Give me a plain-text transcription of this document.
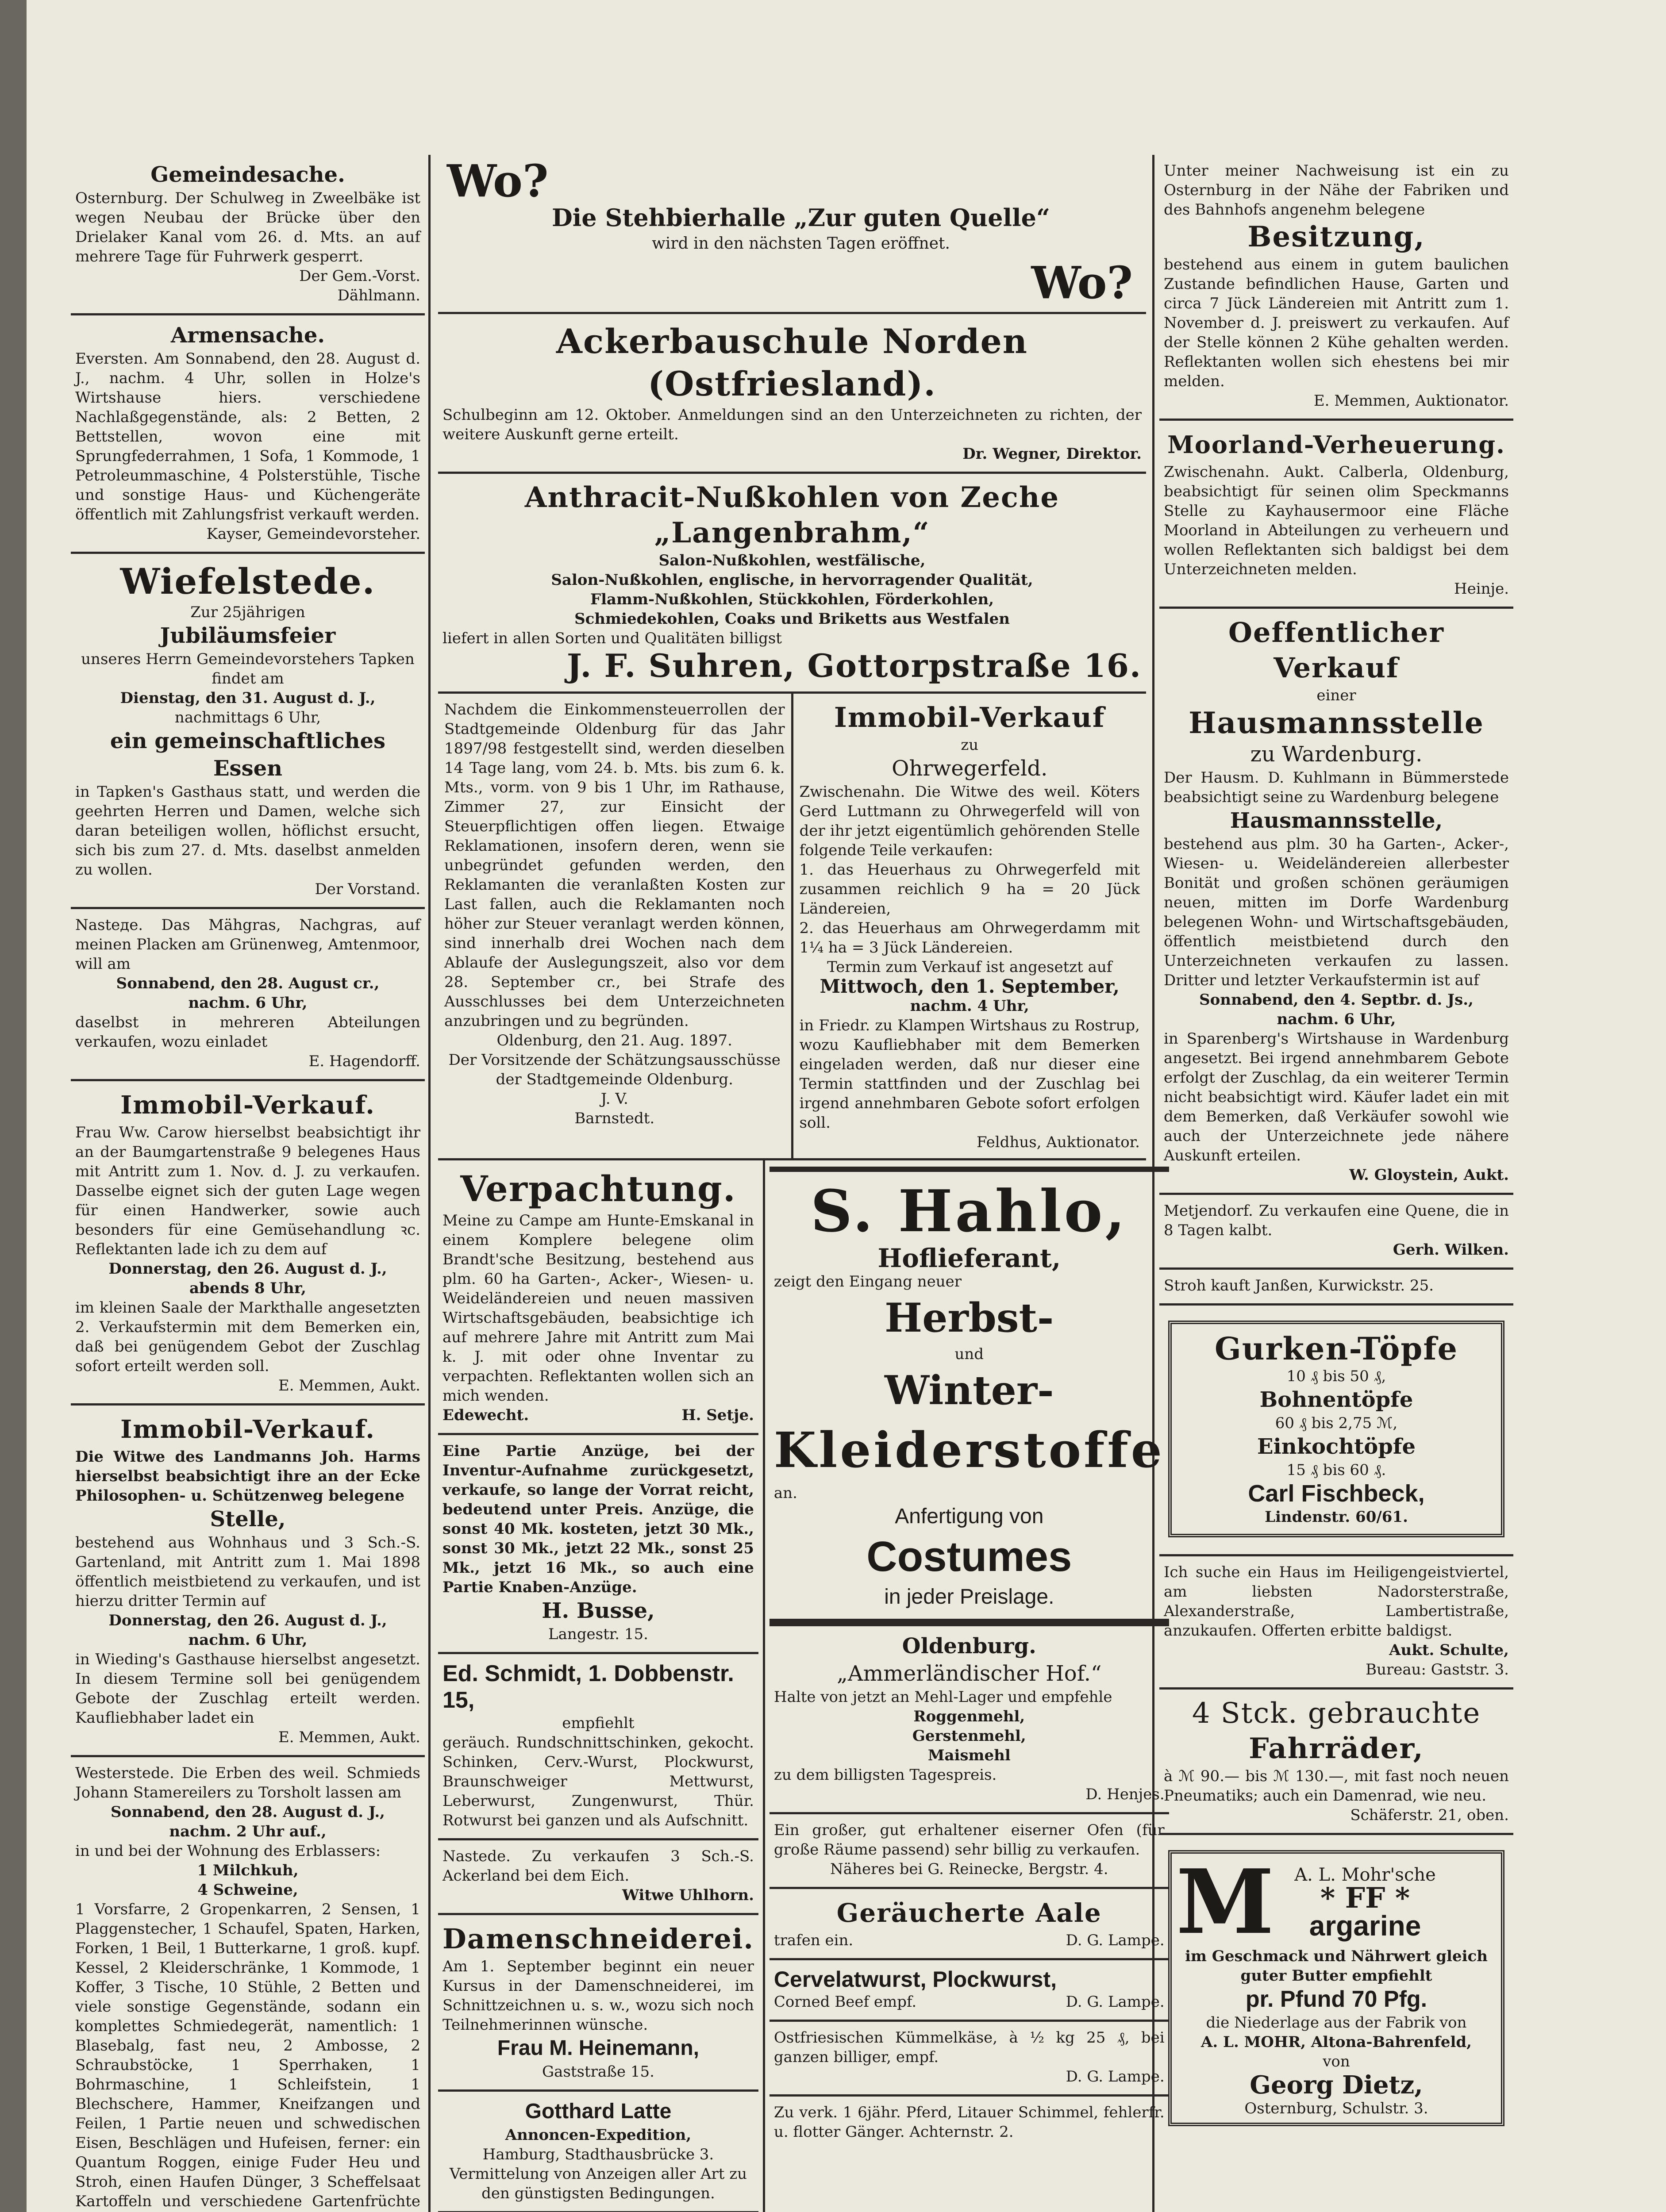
Gemeindesache.

Osternburg. Der Schulweg in Zweelbäke ist wegen Neubau der Brücke über den Drielaker Kanal vom 26. d. Mts. an auf mehrere Tage für Fuhrwerk gesperrt.

Der Gem.-Vorst.

Dählmann.

Armensache.

Eversten. Am Sonnabend, den 28. August d. J., nachm. 4 Uhr, sollen in Holze's Wirtshause hiers. verschiedene Nachlaßgegenstände, als: 2 Betten, 2 Bettstellen, wovon eine mit Sprungfederrahmen, 1 Sofa, 1 Kommode, 1 Petroleummaschine, 4 Polsterstühle, Tische und sonstige Haus- und Küchengeräte öffentlich mit Zahlungsfrist verkauft werden.

Kayser, Gemeindevorsteher.

Wiefelstede.

Zur 25jährigen

Jubiläumsfeier

unseres Herrn Gemeindevorstehers Tapken findet am

Dienstag, den 31. August d. J.,

nachmittags 6 Uhr,

ein gemeinschaftliches Essen

in Tapken's Gasthaus statt, und werden die geehrten Herren und Damen, welche sich daran beteiligen wollen, höflichst ersucht, sich bis zum 27. d. Mts. daselbst anmelden zu wollen.

Der Vorstand.

Nasteде. Das Mähgras, Nachgras, auf meinen Placken am Grünenweg, Amtenmoor, will am

Sonnabend, den 28. August cr.,

nachm. 6 Uhr,

daselbst in mehreren Abteilungen verkaufen, wozu einladet

E. Hagendorff.

Immobil-Verkauf.

Frau Ww. Carow hierselbst beabsichtigt ihr an der Baumgartenstraße 9 belegenes Haus mit Antritt zum 1. Nov. d. J. zu verkaufen. Dasselbe eignet sich der guten Lage wegen für einen Handwerker, sowie auch besonders für eine Gemüsehandlung ꝛc. Reflektanten lade ich zu dem auf

Donnerstag, den 26. August d. J.,

abends 8 Uhr,

im kleinen Saale der Markthalle angesetzten 2. Verkaufstermin mit dem Bemerken ein, daß bei genügendem Gebot der Zuschlag sofort erteilt werden soll.

E. Memmen, Aukt.

Immobil-Verkauf.

Die Witwe des Landmanns Joh. Harms hierselbst beabsichtigt ihre an der Ecke Philosophen- u. Schützenweg belegene

Stelle,

bestehend aus Wohnhaus und 3 Sch.-S. Gartenland, mit Antritt zum 1. Mai 1898 öffentlich meistbietend zu verkaufen, und ist hierzu dritter Termin auf

Donnerstag, den 26. August d. J.,

nachm. 6 Uhr,

in Wieding's Gasthause hierselbst angesetzt. In diesem Termine soll bei genügendem Gebote der Zuschlag erteilt werden. Kaufliebhaber ladet ein

E. Memmen, Aukt.

Westerstede. Die Erben des weil. Schmieds Johann Stamereilers zu Torsholt lassen am

Sonnabend, den 28. August d. J.,

nachm. 2 Uhr auf.,

in und bei der Wohnung des Erblassers:

1 Milchkuh,

4 Schweine,

1 Vorsfarre, 2 Gropenkarren, 2 Sensen, 1 Plaggenstecher, 1 Schaufel, Spaten, Harken, Forken, 1 Beil, 1 Butterkarne, 1 groß. kupf. Kessel, 2 Kleiderschränke, 1 Kommode, 1 Koffer, 3 Tische, 10 Stühle, 2 Betten und viele sonstige Gegenstände, sodann ein komplettes Schmiedegerät, namentlich: 1 Blasebalg, fast neu, 2 Ambosse, 2 Schraubstöcke, 1 Sperrhaken, 1 Bohrmaschine, 1 Schleifstein, 1 Blechschere, Hammer, Kneifzangen und Feilen, 1 Partie neuen und schwedischen Eisen, Beschlägen und Hufeisen, ferner: ein Quantum Roggen, einige Fuder Heu und Stroh, einen Haufen Dünger, 3 Scheffelsaat Kartoffeln und verschiedene Gartenfrüchte

Wo?
Die Stehbierhalle „Zur guten Quelle“
wird in den nächsten Tagen eröffnet.
Wo?
Ackerbauschule Norden (Ostfriesland).

Schulbeginn am 12. Oktober. Anmeldungen sind an den Unterzeichneten zu richten, der weitere Auskunft gerne erteilt.

Dr. Wegner, Direktor.

Anthracit-Nußkohlen von Zeche „Langenbrahm,“

Salon-Nußkohlen, westfälische,

Salon-Nußkohlen, englische, in hervorragender Qualität,

Flamm-Nußkohlen, Stückkohlen, Förderkohlen,

Schmiedekohlen, Coaks und Briketts aus Westfalen

liefert in allen Sorten und Qualitäten billigst

J. F. Suhren, Gottorpstraße 16.

Nachdem die Einkommensteuerrollen der Stadtgemeinde Oldenburg für das Jahr 1897/98 festgestellt sind, werden dieselben 14 Tage lang, vom 24. b. Mts. bis zum 6. k. Mts., vorm. von 9 bis 1 Uhr, im Rathause, Zimmer 27, zur Einsicht der Steuerpflichtigen offen liegen. Etwaige Reklamationen, insofern deren, wenn sie unbegründet gefunden werden, den Reklamanten die veranlaßten Kosten zur Last fallen, auch die Reklamanten noch höher zur Steuer veranlagt werden können, sind innerhalb drei Wochen nach dem Ablaufe der Auslegungszeit, also vor dem 28. September cr., bei Strafe des Ausschlusses bei dem Unterzeichneten anzubringen und zu begründen.

Oldenburg, den 21. Aug. 1897.

Der Vorsitzende der Schätzungsausschüsse der Stadtgemeinde Oldenburg.

J. V.

Barnstedt.

Immobil-Verkauf

zu

Ohrwegerfeld.

Zwischenahn. Die Witwe des weil. Köters Gerd Luttmann zu Ohrwegerfeld will von der ihr jetzt eigentümlich gehörenden Stelle folgende Teile verkaufen:

1. das Heuerhaus zu Ohrwegerfeld mit zusammen reichlich 9 ha = 20 Jück Ländereien,

2. das Heuerhaus am Ohrwegerdamm mit 1¼ ha = 3 Jück Ländereien.

Termin zum Verkauf ist angesetzt auf

Mittwoch, den 1. September,

nachm. 4 Uhr,

in Friedr. zu Klampen Wirtshaus zu Rostrup, wozu Kaufliebhaber mit dem Bemerken eingeladen werden, daß nur dieser eine Termin stattfinden und der Zuschlag bei irgend annehmbaren Gebote sofort erfolgen soll.

Feldhus, Auktionator.

Verpachtung.

Meine zu Campe am Hunte-Emskanal in einem Komplere belegene olim Brandt'sche Besitzung, bestehend aus plm. 60 ha Garten-, Acker-, Wiesen- u. Weideländereien und neuen massiven Wirtschaftsgebäuden, beabsichtige ich auf mehrere Jahre mit Antritt zum Mai k. J. mit oder ohne Inventar zu verpachten. Reflektanten wollen sich an mich wenden.

Edewecht.	H. Setje.

Eine Partie Anzüge, bei der Inventur-Aufnahme zurückgesetzt, verkaufe, so lange der Vorrat reicht, bedeutend unter Preis. Anzüge, die sonst 40 Mk. kosteten, jetzt 30 Mk., sonst 30 Mk., jetzt 22 Mk., sonst 25 Mk., jetzt 16 Mk., so auch eine Partie Knaben-Anzüge.

H. Busse,

Langestr. 15.

Ed. Schmidt, 1. Dobbenstr. 15,

empfiehlt

geräuch. Rundschnittschinken, gekocht. Schinken, Cerv.-Wurst, Plockwurst, Braunschweiger Mettwurst, Leberwurst, Zungenwurst, Thür. Rotwurst bei ganzen und als Aufschnitt.

Nastede. Zu verkaufen 3 Sch.-S. Ackerland bei dem Eich.

Witwe Uhlhorn.

Damenschneiderei.

Am 1. September beginnt ein neuer Kursus in der Damenschneiderei, im Schnittzeichnen u. s. w., wozu sich noch Teilnehmerinnen wünsche.

Frau M. Heinemann,

Gaststraße 15.

Gotthard Latte

Annoncen-Expedition,

Hamburg, Stadthausbrücke 3.

Vermittelung von Anzeigen aller Art zu den günstigsten Bedingungen.

S. Hahlo,
Hoflieferant,

zeigt den Eingang neuer

Herbst-

und

Winter-
Kleiderstoffe

an.

Anfertigung von
Costumes
in jeder Preislage.
Oldenburg.
„Ammerländischer Hof.“

Halte von jetzt an Mehl-Lager und empfehle

Roggenmehl,

Gerstenmehl,

Maismehl

zu dem billigsten Tagespreis.

D. Henjes.

Ein großer, gut erhaltener eiserner Ofen (für große Räume passend) sehr billig zu verkaufen.

Näheres bei G. Reinecke, Bergstr. 4.

Geräucherte Aale

trafen ein.	D. G. Lampe.

Cervelatwurst, Plockwurst,

Corned Beef empf.	D. G. Lampe.

Ostfriesischen Kümmelkäse, à ½ kg 25 ₰, bei ganzen billiger, empf.

D. G. Lampe.

Zu verk. 1 6jähr. Pferd, Litauer Schimmel, fehlerfr. u. flotter Gänger. Achternstr. 2.

Unter meiner Nachweisung ist ein zu Osternburg in der Nähe der Fabriken und des Bahnhofs angenehm belegene

Besitzung,

bestehend aus einem in gutem baulichen Zustande befindlichen Hause, Garten und circa 7 Jück Ländereien mit Antritt zum 1. November d. J. preiswert zu verkaufen. Auf der Stelle können 2 Kühe gehalten werden. Reflektanten wollen sich ehestens bei mir melden.

E. Memmen, Auktionator.

Moorland-Verheuerung.

Zwischenahn. Aukt. Calberla, Oldenburg, beabsichtigt für seinen olim Speckmanns Stelle zu Kayhausermoor eine Fläche Moorland in Abteilungen zu verheuern und wollen Reflektanten sich baldigst bei dem Unterzeichneten melden.

Heinje.

Oeffentlicher Verkauf

einer

Hausmannsstelle
zu Wardenburg.

Der Hausm. D. Kuhlmann in Bümmerstede beabsichtigt seine zu Wardenburg belegene

Hausmannsstelle,

bestehend aus plm. 30 ha Garten-, Acker-, Wiesen- u. Weideländereien allerbester Bonität und großen schönen geräumigen neuen, mitten im Dorfe Wardenburg belegenen Wohn- und Wirtschaftsgebäuden, öffentlich meistbietend durch den Unterzeichneten verkaufen zu lassen. Dritter und letzter Verkaufstermin ist auf

Sonnabend, den 4. Septbr. d. Js.,

nachm. 6 Uhr,

in Sparenberg's Wirtshause in Wardenburg angesetzt. Bei irgend annehmbarem Gebote erfolgt der Zuschlag, da ein weiterer Termin nicht beabsichtigt wird. Käufer ladet ein mit dem Bemerken, daß Verkäufer sowohl wie auch der Unterzeichnete jede nähere Auskunft erteilen.

W. Gloystein, Aukt.

Metjendorf. Zu verkaufen eine Quene, die in 8 Tagen kalbt.

Gerh. Wilken.

Stroh kauft Janßen, Kurwickstr. 25.

Gurken-Töpfe

10 ₰ bis 50 ₰,

Bohnentöpfe

60 ₰ bis 2,75 ℳ,

Einkochtöpfe

15 ₰ bis 60 ₰.

Carl Fischbeck,

Lindenstr. 60/61.

Ich suche ein Haus im Heiligengeistviertel, am liebsten Nadorsterstraße, Alexanderstraße, Lambertistraße, anzukaufen. Offerten erbitte baldigst.

Aukt. Schulte,

Bureau: Gaststr. 3.

4 Stck. gebrauchte
Fahrräder,

à ℳ 90.— bis ℳ 130.—, mit fast noch neuen Pneumatiks; auch ein Damenrad, wie neu.

Schäferstr. 21, oben.

M	A. L. Mohr'sche

* FF *
argarine

im Geschmack und Nährwert gleich guter Butter empfiehlt

pr. Pfund 70 Pfg.

die Niederlage aus der Fabrik von

A. L. MOHR, Altona-Bahrenfeld,

von

Georg Dietz,

Osternburg, Schulstr. 3.
